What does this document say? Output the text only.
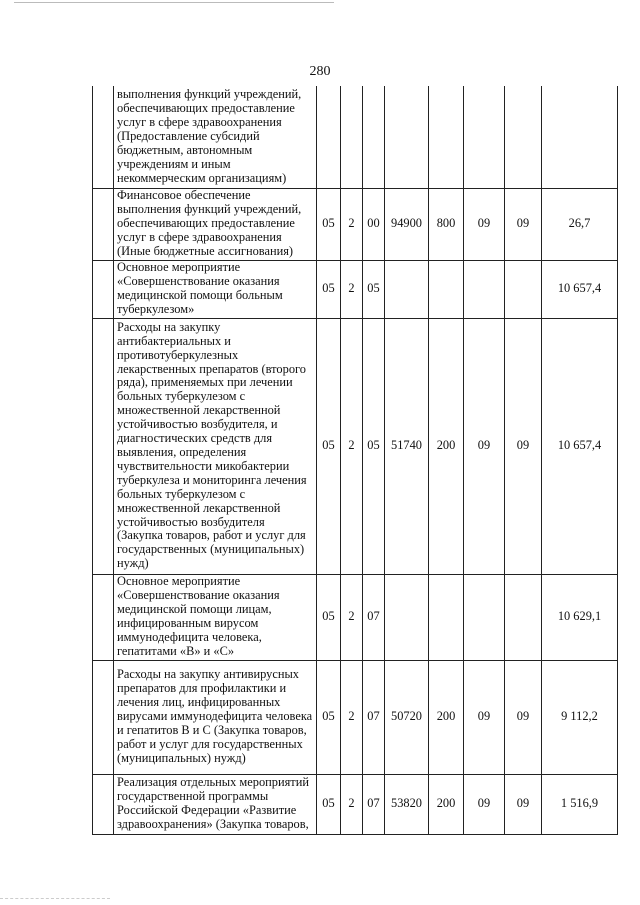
280
	выполнения функций учреждений, обеспечивающих предоставление услуг в сфере здравоохранения (Предоставление субсидий бюджетным, автономным учреждениям и иным некоммерческим организациям)								
	Финансовое обеспечение выполнения функций учреждений, обеспечивающих предоставление услуг в сфере здравоохранения (Иные бюджетные ассигнования)	05	2	00	94900	800	09	09	26,7
	Основное мероприятие «Совершенствование оказания медицинской помощи больным туберкулезом»	05	2	05					10 657,4
	Расходы на закупку антибактериальных и противотуберкулезных лекарственных препаратов (второго ряда), применяемых при лечении больных туберкулезом с множественной лекарственной устойчивостью возбудителя, и диагностических средств для выявления, определения чувствительности микобактерии туберкулеза и мониторинга лечения больных туберкулезом с множественной лекарственной устойчивостью возбудителя (Закупка товаров, работ и услуг для государственных (муниципальных) нужд)	05	2	05	51740	200	09	09	10 657,4
	Основное мероприятие «Совершенствование оказания медицинской помощи лицам, инфицированным вирусом иммунодефицита человека, гепатитами «В» и «С»	05	2	07					10 629,1
	Расходы на закупку антивирусных препаратов для профилактики и лечения лиц, инфицированных вирусами иммунодефицита человека и гепатитов В и С (Закупка товаров, работ и услуг для государственных (муниципальных) нужд)	05	2	07	50720	200	09	09	9 112,2
	Реализация отдельных мероприятий государственной программы Российской Федерации «Развитие здравоохранения» (Закупка товаров,	05	2	07	53820	200	09	09	1 516,9
